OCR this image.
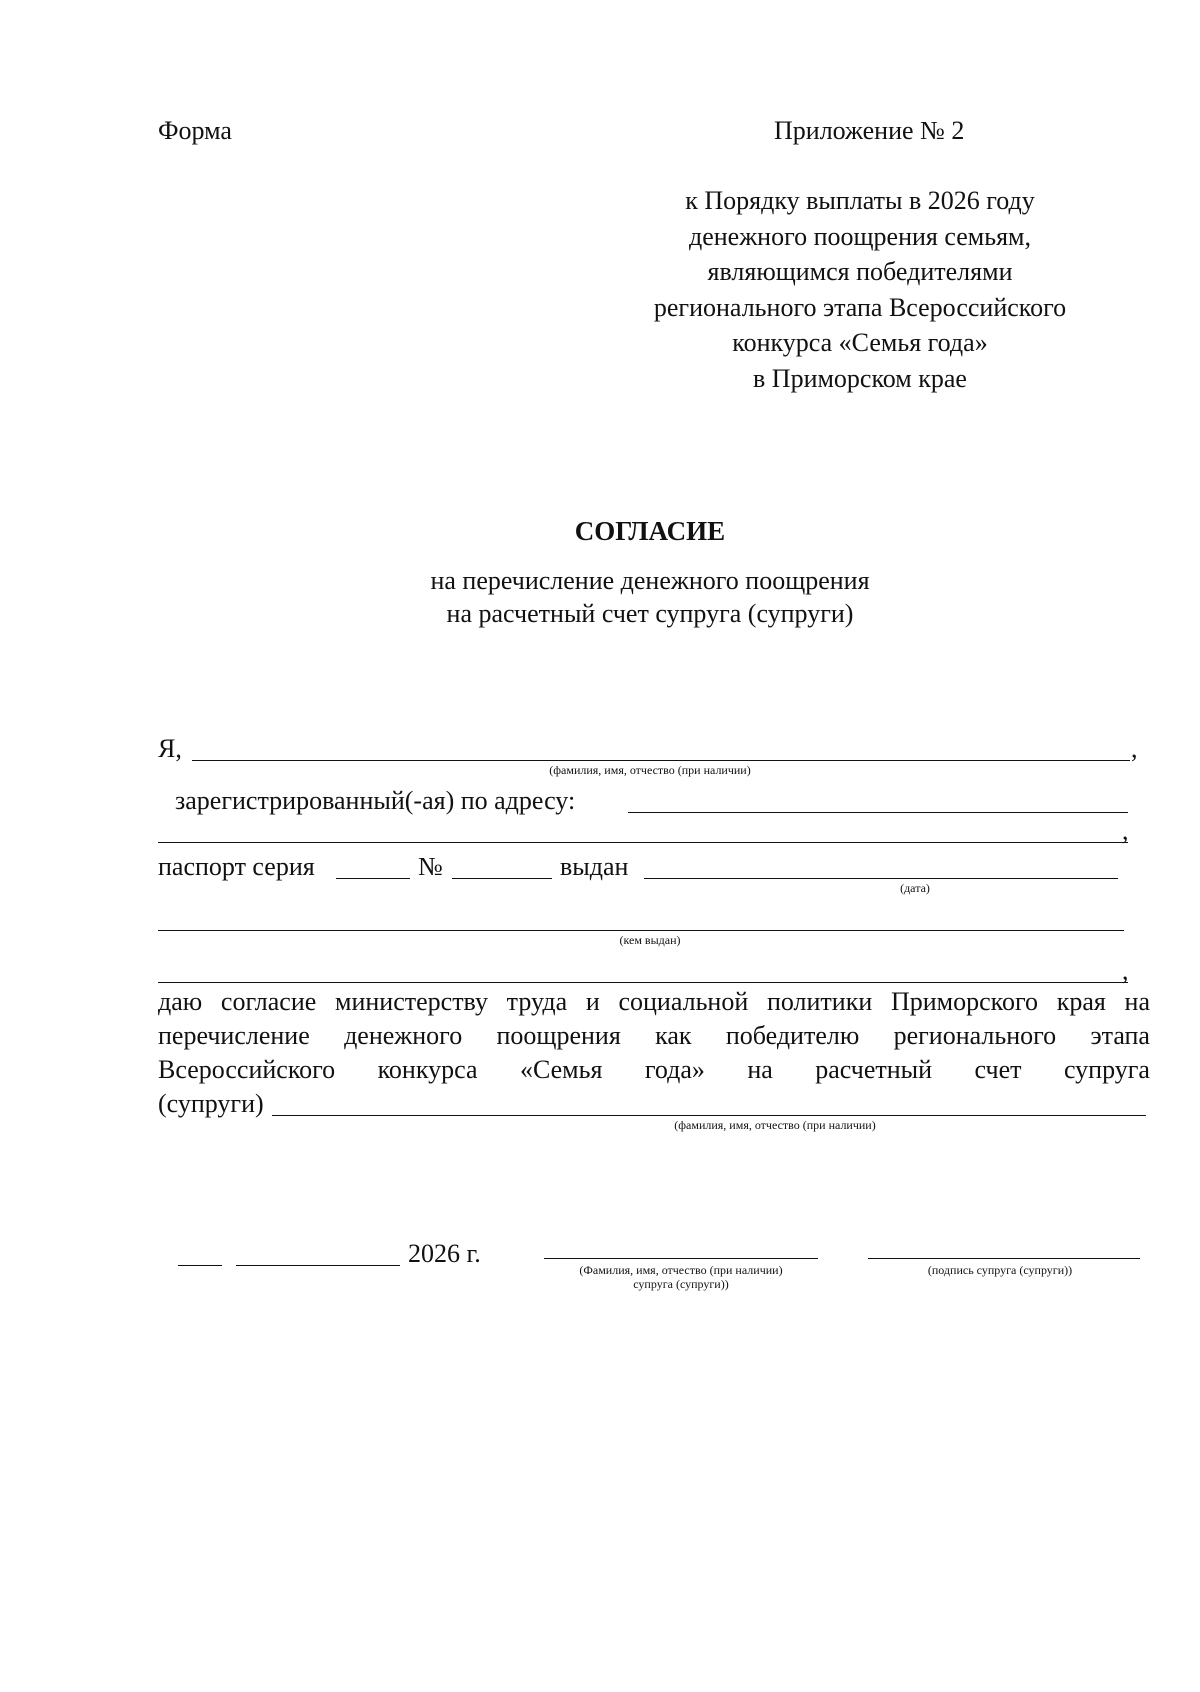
Форма	Приложение № 2
к Порядку выплаты в 2026 году
денежного поощрения семьям,
являющимся победителями
регионального этапа Всероссийского
конкурса «Семья года»
в Приморском крае
СОГЛАСИЕ
на перечисление денежного поощрения
на расчетный счет супруга (супруги)
Я,	,
(фамилия, имя, отчество (при наличии)
зарегистрированный(-ая) по адресу:
,
паспорт серия	№	выдан
(дата)
(кем выдан)
,
даю согласие министерству труда и социальной политики Приморского края на
перечисление денежного поощрения как победителю регионального этапа
Всероссийского конкурса «Семья года» на расчетный счет супруга
(супруги)
(фамилия, имя, отчество (при наличии)
2026 г.
(Фамилия, имя, отчество (при наличии)
супруга (супруги))
(подпись супруга (супруги))
